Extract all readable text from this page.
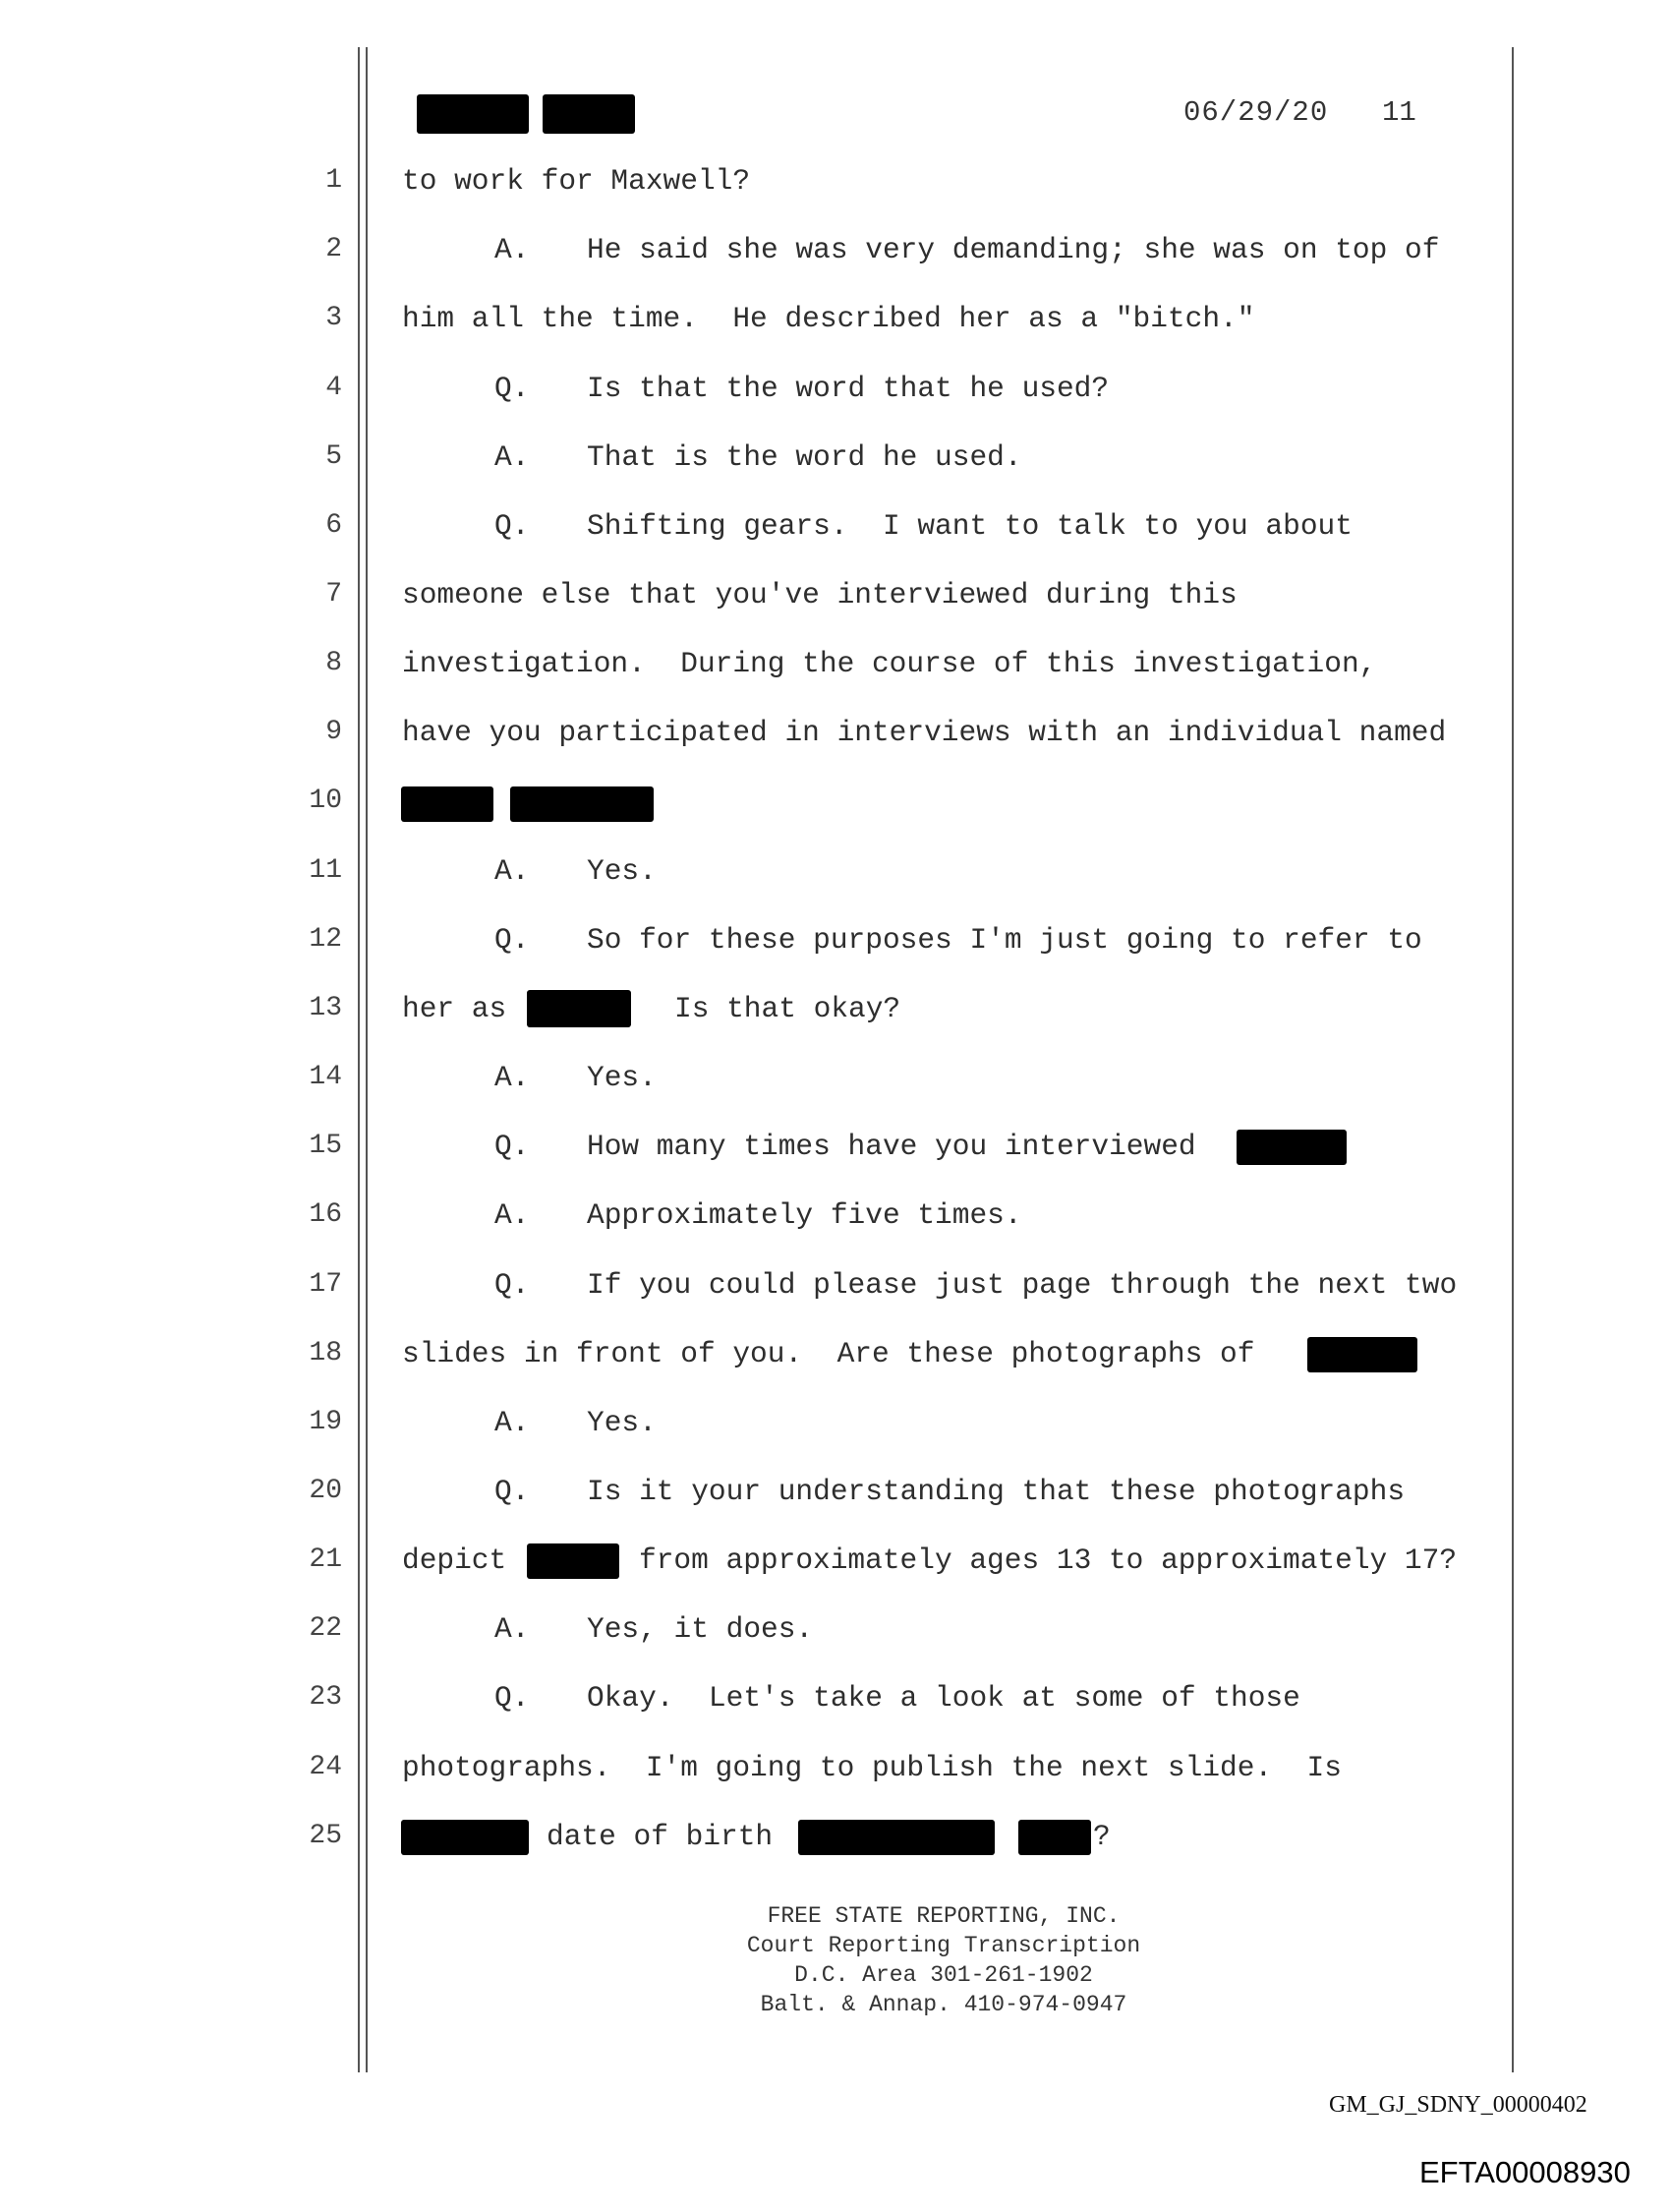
06/29/20 11
1
2
3
4
5
6
7
8
9
10
11
12
13
14
15
16
17
18
19
20
21
22
23
24
25
to work for Maxwell?
A. He said she was very demanding; she was on top of
him all the time.  He described her as a "bitch."
Q. Is that the word that he used?
A. That is the word he used.
Q. Shifting gears.  I want to talk to you about
someone else that you've interviewed during this
investigation.  During the course of this investigation,
have you participated in interviews with an individual named
A. Yes.
Q. So for these purposes I'm just going to refer to
her as	Is that okay?
A. Yes.
Q. How many times have you interviewed
A. Approximately five times.
Q. If you could please just page through the next two
slides in front of you.  Are these photographs of
A. Yes.
Q. Is it your understanding that these photographs
depict	from approximately ages 13 to approximately 17?
A. Yes, it does.
Q. Okay.  Let's take a look at some of those
photographs.  I'm going to publish the next slide.  Is
date of birth	?
FREE STATE REPORTING, INC.
Court Reporting Transcription
D.C. Area 301-261-1902
Balt. & Annap. 410-974-0947
GM_GJ_SDNY_00000402
EFTA00008930
